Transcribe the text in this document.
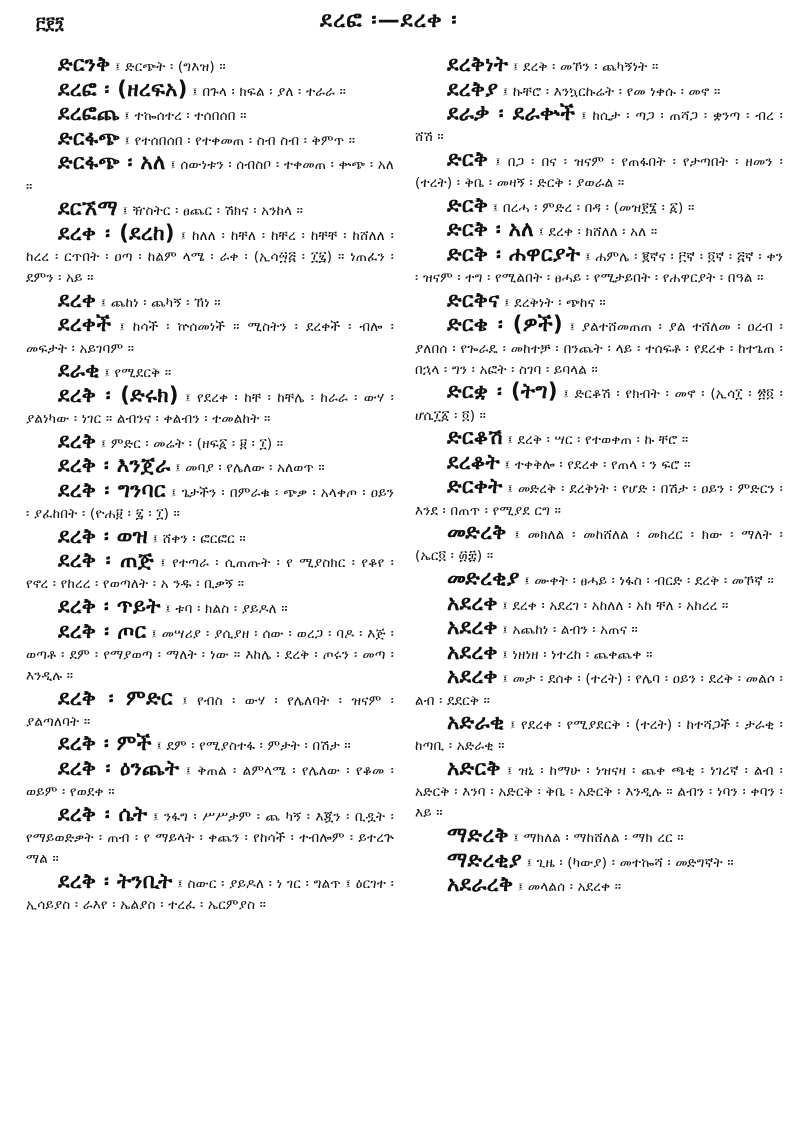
፫፻፺	ደረፎ ፡—ደረቀ ፡

ድርንቅ ፤ ድርጭት ፡ (ግእዝ) ።

ደረፎ ፡ (ዘረፍአ) ፤ በጉላ ፡ ክፍል ፡ ያለ ፡ ተራራ ።

ደረፎጨ ፤ ተኰሰተረ ፡ ተሰበሰበ ።

ድርፋጭ ፤ የተሰበሰበ ፡ የተቀመጠ ፡ ስብ ስብ ፡ ቅምጥ ።

ድርፋጭ ፡ አለ ፤ ሰውነቱን ፡ ሰብስቦ ፡ ተቀመጠ ፡ ቍጭ ፡ አለ ።

ደርኧማ ፤ ዥስትር ፡ ፀጨር ፡ ሽክና ፡ አንከላ ።

ደረቀ ፡ (ደረከ) ፤ ከለለ ፡ ከቸለ ፡ ከቸረ ፡ ከቸቸ ፡ ከሸለለ ፡ ከረረ ፡ ርጥበት ፡ ዐጣ ፡ ከልም ላሜ ፡ ራቀ ፡ (ኢሳ፵፭ ፡ ፲፯) ። ነጠፈን ፡ ደምን ፡ አይ ።

ደረቀ ፤ ጨከነ ፡ ጨካኝ ፡ ኸነ ።

ደረቀች ፤ ከሳች ፡ ኵሰመነች ። ሚስትን ፡ ደረቀች ፡ ብሎ ፡ መፍታት ፡ አይገባም ።

ደራቂ ፤ የሚደርቅ ።

ደረቅ ፡ (ድሩክ) ፤ የደረቀ ፡ ከቸ ፡ ከቸሌ ፡ ከራራ ፡ ውሃ ፡ ያልነካው ፡ ነገር ። ልብንና ፡ ቀልብን ፡ ተመልከት ።

ደረቅ ፤ ምድር ፡ መሬት ፡ (ዘፍ፩ ፡ ፱ ፡ ፲) ።

ደረቅ ፡ እንጀራ ፤ መባያ ፡ የሌለው ፡ አለወጥ ።

ደረቅ ፡ ግንባር ፤ ጌታችን ፡ በምራቁ ፡ ጭቃ ፡ አላቀጦ ፡ ዐይን ፡ ያፈከበት ፡ (ዮሐ፱ ፡ ፯ ፡ ፲) ።

ደረቅ ፡ ወዝ ፤ ሸቀን ፡ ፎርፎር ።

ደረቅ ፡ ጠጅ ፤ የተጣራ ፡ ሲጠጡት ፡ የ ሚያስክር ፡ የቆየ ፡ የኖረ ፡ የከረረ ፡ የወጣለት ፡ አ ንዱ ፡ ቢቃኝ ።

ደረቅ ፡ ጥይት ፤ ቱባ ፡ ክልስ ፡ ያይዶለ ።

ደረቅ ፡ ጦር ፤ መሣሪያ ፡ ያሲያዘ ፡ ሰው ፡ ወረጋ ፡ ባዶ ፡ እጅ ፡ ወጣቶ ፡ ደም ፡ የማያወጣ ፡ ማለት ፡ ነው ። እከሌ ፡ ደረቅ ፡ ጦሩን ፡ መጣ ፡ እንዲሉ ።

ደረቅ ፡ ምድር ፤ የብስ ፡ ውሃ ፡ የሌለባት ፡ ዝናም ፡ ያልጣለባት ።

ደረቅ ፡ ምች ፤ ደም ፡ የሚያስተፋ ፡ ምታት ፡ በሽታ ።

ደረቅ ፡ ዕንጨት ፤ ቅጠል ፡ ልምላሜ ፡ የሌለው ፡ የቆመ ፡ ወይም ፡ የወደቀ ።

ደረቅ ፡ ሴት ፤ ንፋግ ፡ ሥሥታም ፡ ጨ ካኝ ፡ እጇን ፡ ቢዷት ፡ የማይወድቃት ፡ ጠብ ፡ የ ማይላት ፡ ቀጨን ፡ የከሳች ፡ ተብሎም ፡ ይተረጕ ማል ።

ደረቅ ፡ ትንቢት ፤ ስውር ፡ ያይዶለ ፡ ነ ገር ፡ ግልጥ ፤ ዕርገተ ፡ ኢሳይያስ ፡ ራእየ ፡ ኤልያስ ፡ ተረፈ ፡ ኤርምያስ ።

ደረቅነት ፤ ደረቅ ፡ መኾን ፡ ጨካኝነት ።

ደረቅያ ፤ ኩቸሮ ፡ እንኳርኩሬት ፡ የመ ነቀሱ ፡ መኖ ።

ደራቃ ፡ ደራቍች ፤ ከሲታ ፡ ጣጋ ፡ ጠሻጋ ፡ ቋንጣ ፡ ብረ ፡ ሸሽ ።

ድርቅ ፤ በጋ ፡ በና ፡ ዝናም ፡ የጠፋበት ፡ የታጣበት ፡ ዘመን ፡ (ተረት) ፡ ቅቤ ፡ መዛኝ ፡ ድርቅ ፡ ያወራል ።

ድርቅ ፤ በረሓ ፡ ምድረ ፡ በዳ ፡ (መዝ፻፮ ፡ ፩) ።

ድርቅ ፡ አለ ፤ ደረቀ ፡ ክሸለለ ፡ አለ ።

ድርቅ ፡ ሐዋርያት ፤ ሐምሌ ፡ ፪ኛና ፡ ፫ኛ ፡ ፬ኛ ፡ ፭ኛ ፡ ቀን ፡ ዝናም ፡ ተግ ፡ የሚልበት ፡ ፀሓይ ፡ የሚታይበት ፡ የሐዋርያት ፡ በዓል ።

ድርቅና ፤ ደረቅነት ፡ ጭከና ።

ድርቄ ፡ (ዎች) ፤ ያልተሸመጠጠ ፡ ያል ተሸለመ ፡ ዐረብ ፡ ያለበሰ ፡ የጐራዴ ፡ መከተቻ ፡ በንጨት ፡ ላይ ፡ ተሰፍቶ ፡ የደረቀ ፡ ከተጌጠ ፡ በኋላ ፡ ግን ፡ አፎት ፡ ስገባ ፡ ይባላል ።

ድርቋ ፡ (ትግ) ፤ ድርቆሽ ፡ የክብት ፡ መኖ ፡ (ኢሳ፲ ፡ ፳፬ ፡ ሆሴ፲፩ ፡ ፬) ።

ድርቆሽ ፤ ደረቅ ፡ ሣር ፡ የተወቀጠ ፡ ኩ ቸሮ ።

ደረቆት ፤ ተቀቅሎ ፡ የደረቀ ፡ የጠላ ፡ ን ፍሮ ።

ድርቀት ፤ መድረቅ ፡ ደረቅነት ፡ የሆድ ፡ በሽታ ፡ ዐይን ፡ ምድርን ፡ እንደ ፡ በጠጥ ፡ የሚያደ ርግ ።

መድረቅ ፤ መክለል ፡ መከሸለል ፡ መክረር ፡ ክው ፡ ማለት ፡ (ኤር፬ ፡ ፴፰) ።

መድረቂያ ፤ ሙቀት ፡ ፀሓይ ፡ ነፋስ ፡ ብርድ ፡ ደረቅ ፡ መኾኛ ።

አደረቀ ፤ ደረቀ ፡ አደረገ ፡ አከለለ ፡ አከ ቸለ ፡ አከረረ ።

አደረቀ ፤ አጨከነ ፡ ልብን ፡ አጠና ።

አደረቀ ፤ ነዘነዘ ፡ ነተረከ ፡ ጨቀጨቀ ።

አደረቀ ፤ መታ ፡ ደሰቀ ፡ (ተረት) ፡ የሌባ ፡ ዐይን ፡ ደረቅ ፡ መልሶ ፡ ልብ ፡ ደደርቅ ።

አድራቂ ፤ የደረቀ ፡ የሚያደርቅ ፡ (ተረት) ፡ ከተሻጋች ፡ ታራቂ ፡ ከጣቢ ፡ አድራቂ ።

አድርቅ ፤ ዝኒ ፡ ከማሁ ፡ ነዝናዛ ፡ ጨቀ ጫቂ ፡ ነገረኛ ፡ ልብ ፡ አድርቅ ፡ እንባ ፡ አድርቅ ፡ ቅቤ ፡ አድርቅ ፡ እንዲሉ ። ልብን ፡ ነባን ፡ ቀባን ፡ እይ ።

ማድረቅ ፤ ማክለል ፡ ማከሸለል ፡ ማክ ረር ።

ማድረቂያ ፤ ጊዜ ፡ (ካውያ) ፡ መተኰሻ ፡ መድግኛት ።

አደራረቅ ፤ መላልሰ ፡ አደረቀ ።
